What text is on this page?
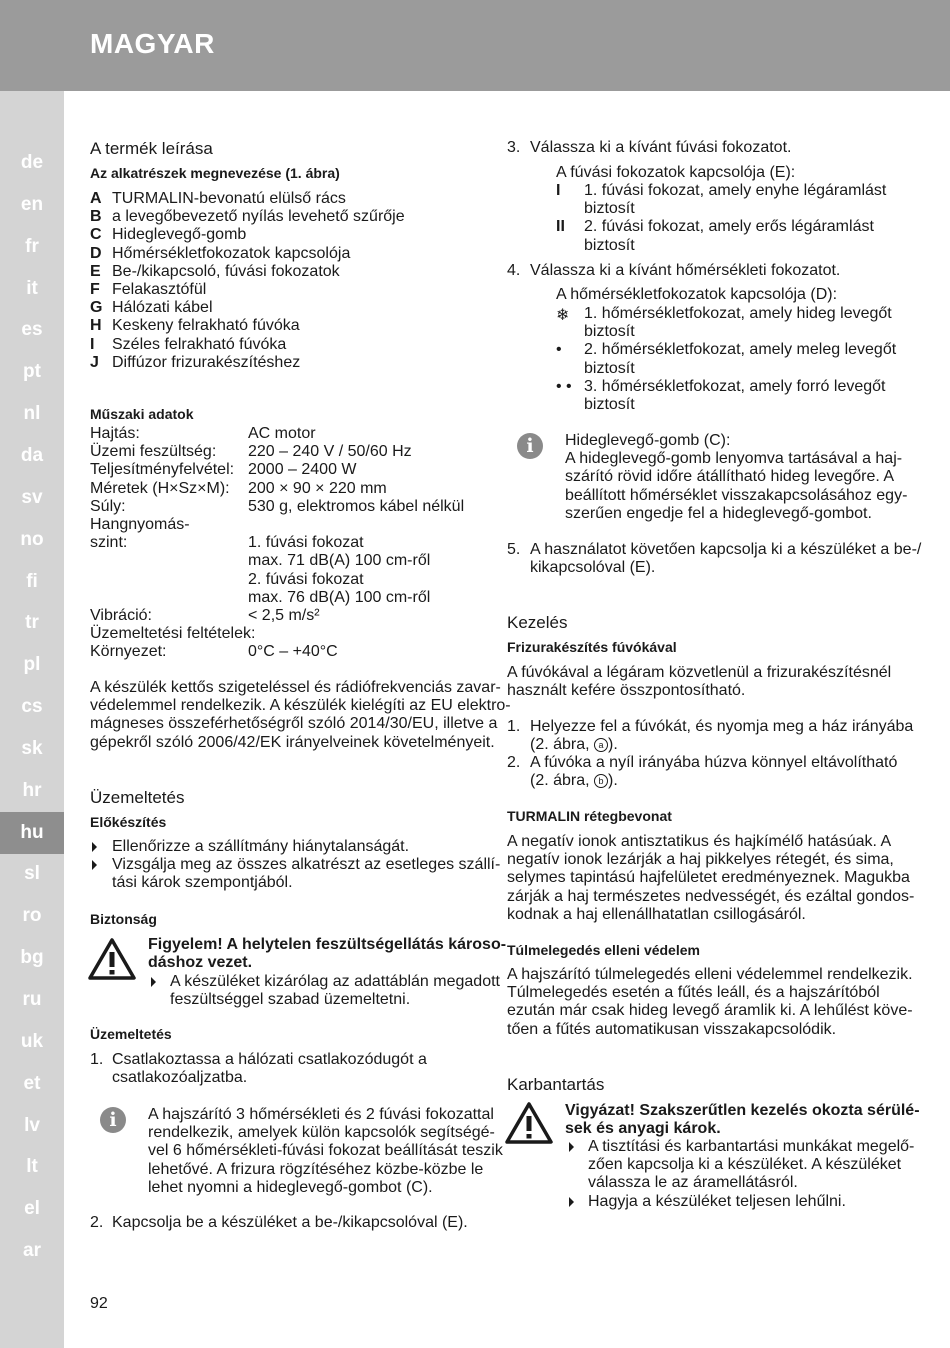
MAGYAR
de
en
fr
it
es
pt
nl
da
sv
no
fi
tr
pl
cs
sk
hr
hu
sl
ro
bg
ru
uk
et
lv
lt
el
ar
A termék leírása
Az alkatrészek megnevezése (1. ábra)
A TURMALIN-bevonatú elülső rács
B a levegőbevezető nyílás levehető szűrője
C Hideglevegő-gomb
D Hőmérsékletfokozatok kapcsolója
E Be-/kikapcsoló, fúvási fokozatok
F Felakasztófül
G Hálózati kábel
H Keskeny felrakható fúvóka
I Széles felrakható fúvóka
J Diffúzor frizurakészítéshez
Műszaki adatok
Hajtás:	AC motor
Üzemi feszültség: 220 – 240 V / 50/60 Hz
Teljesítményfelvétel: 2000 – 2400 W
Méretek (H×Sz×M): 200 × 90 × 220 mm
Súly:	530 g, elektromos kábel nélkül
Hangnyomás-
szint:	1. fúvási fokozat
max. 71 dB(A) 100 cm-ről
2. fúvási fokozat
max. 76 dB(A) 100 cm-ről
Vibráció:	< 2,5 m/s²
Üzemeltetési feltételek:
Környezet:	0°C – +40°C
A készülék kettős szigeteléssel és rádiófrekvenciás zavar-
védelemmel rendelkezik. A készülék kielégíti az EU elektro-
mágneses összeférhetőségről szóló 2014/30/EU, illetve a
gépekről szóló 2006/42/EK irányelveinek követelményeit.
Üzemeltetés
Előkészítés
Ellenőrizze a szállítmány hiánytalanságát.
Vizsgálja meg az összes alkatrészt az esetleges szállí-
tási károk szempontjából.
Biztonság
Figyelem! A helytelen feszültségellátás károso-
dáshoz vezet.
A készüléket kizárólag az adattáblán megadott
feszültséggel szabad üzemeltetni.
Üzemeltetés
1. Csatlakoztassa a hálózati csatlakozódugót a
csatlakozóaljzatba.
i	A hajszárító 3 hőmérsékleti és 2 fúvási fokozattal
rendelkezik, amelyek külön kapcsolók segítségé-
vel 6 hőmérsékleti-fúvási fokozat beállítását teszik
lehetővé. A frizura rögzítéséhez közbe-közbe le
lehet nyomni a hideglevegő-gombot (C).
2. Kapcsolja be a készüléket a be-/kikapcsolóval (E).
3. Válassza ki a kívánt fúvási fokozatot.
A fúvási fokozatok kapcsolója (E):
I 1. fúvási fokozat, amely enyhe légáramlást
biztosít
II 2. fúvási fokozat, amely erős légáramlást
biztosít
4. Válassza ki a kívánt hőmérsékleti fokozatot.
A hőmérsékletfokozatok kapcsolója (D):
❄ 1. hőmérsékletfokozat, amely hideg levegőt
biztosít
• 2. hőmérsékletfokozat, amely meleg levegőt
biztosít
• • 3. hőmérsékletfokozat, amely forró levegőt
biztosít
i	Hideglevegő-gomb (C):
A hideglevegő-gomb lenyomva tartásával a haj-
szárító rövid időre átállítható hideg levegőre. A
beállított hőmérséklet visszakapcsolásához egy-
szerűen engedje fel a hideglevegő-gombot.
5. A használatot követően kapcsolja ki a készüléket a be-/
kikapcsolóval (E).
Kezelés
Frizurakészítés fúvókával
A fúvókával a légáram közvetlenül a frizurakészítésnél
használt kefére összpontosítható.
1. Helyezze fel a fúvókát, és nyomja meg a ház irányába
(2. ábra, a ).
2. A fúvóka a nyíl irányába húzva könnyel eltávolítható
(2. ábra, b ).
TURMALIN rétegbevonat
A negatív ionok antisztatikus és hajkímélő hatásúak. A
negatív ionok lezárják a haj pikkelyes rétegét, és sima,
selymes tapintású hajfelületet eredményeznek. Magukba
zárják a haj természetes nedvességét, és ezáltal gondos-
kodnak a haj ellenállhatatlan csillogásáról.
Túlmelegedés elleni védelem
A hajszárító túlmelegedés elleni védelemmel rendelkezik.
Túlmelegedés esetén a fűtés leáll, és a hajszárítóból
ezután már csak hideg levegő áramlik ki. A lehűlést köve-
tően a fűtés automatikusan visszakapcsolódik.
Karbantartás
Vigyázat! Szakszerűtlen kezelés okozta sérülé-
sek és anyagi károk.
A tisztítási és karbantartási munkákat megelő-
zően kapcsolja ki a készüléket. A készüléket
válassza le az áramellátásról.
Hagyja a készüléket teljesen lehűlni.
92
